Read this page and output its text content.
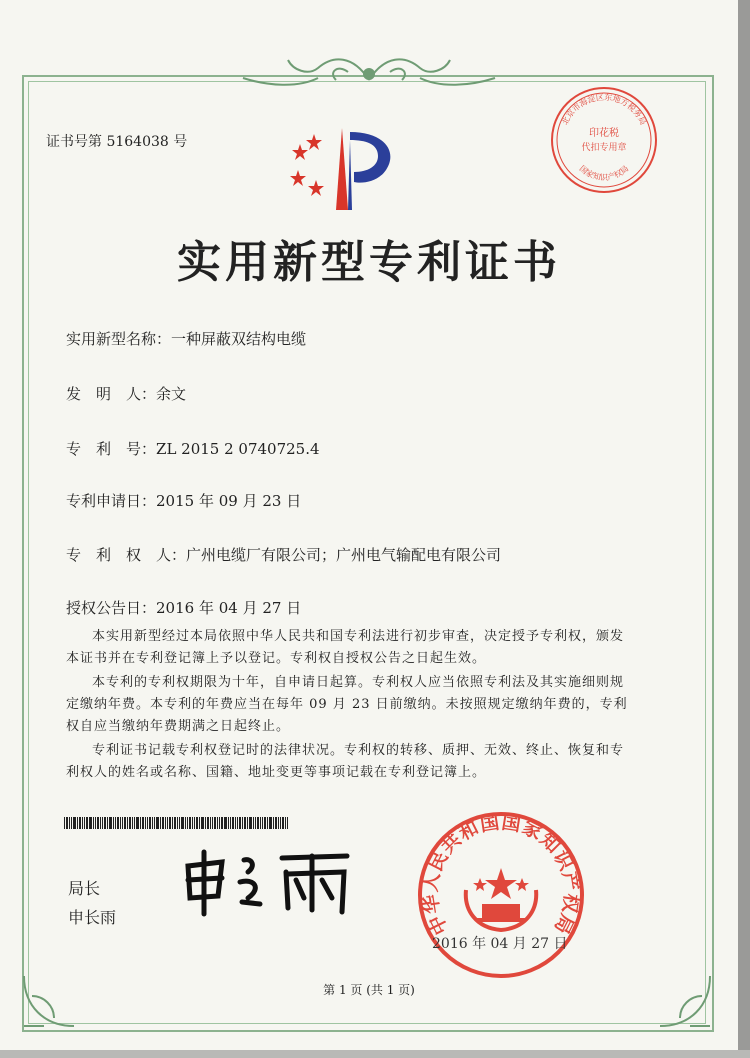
证书号第 5164038 号
实用新型专利证书
实用新型名称：一种屏蔽双结构电缆
发　明　人：余文
专　利　号：ZL 2015 2 0740725.4
专利申请日：2015 年 09 月 23 日
专　利　权　人：广州电缆厂有限公司；广州电气输配电有限公司
授权公告日：2016 年 04 月 27 日
本实用新型经过本局依照中华人民共和国专利法进行初步审查，决定授予专利权，颁发本证书并在专利登记簿上予以登记。专利权自授权公告之日起生效。
本专利的专利权期限为十年，自申请日起算。专利权人应当依照专利法及其实施细则规定缴纳年费。本专利的年费应当在每年 09 月 23 日前缴纳。未按照规定缴纳年费的，专利权自应当缴纳年费期满之日起终止。
专利证书记载专利权登记时的法律状况。专利权的转移、质押、无效、终止、恢复和专利权人的姓名或名称、国籍、地址变更等事项记载在专利登记簿上。
局长
申长雨
北京市海淀区东地方税务局
印花税
代扣专用章
国家知识产权局
中华人民共和国国家知识产权局
2016 年 04 月 27 日
第 1 页 (共 1 页)
